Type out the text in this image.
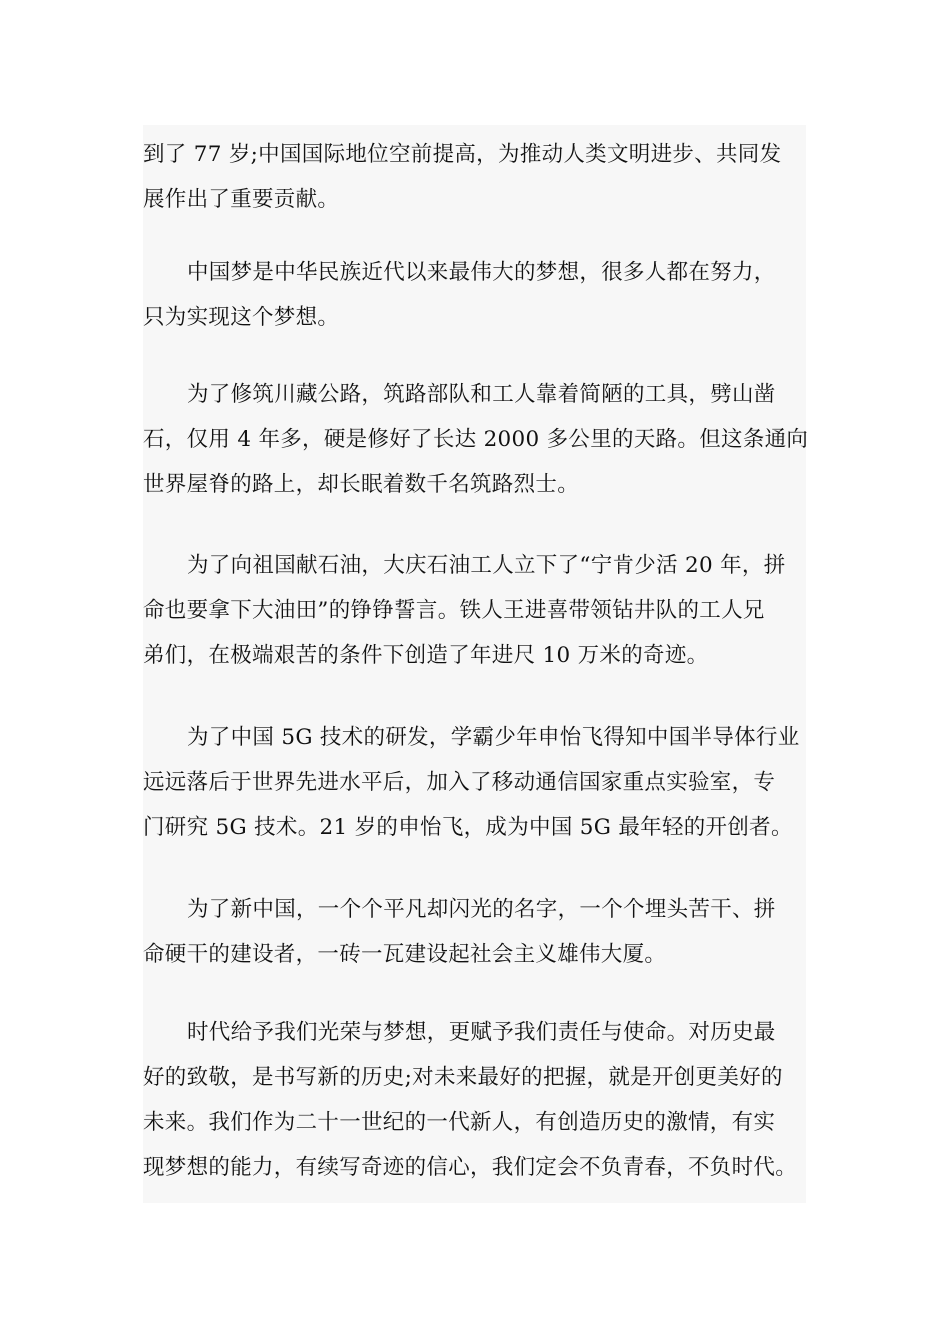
到了 77 岁;中国国际地位空前提高，为推动人类文明进步、共同发
展作出了重要贡献。

中国梦是中华民族近代以来最伟大的梦想，很多人都在努力，
只为实现这个梦想。

为了修筑川藏公路，筑路部队和工人靠着简陋的工具，劈山凿
石，仅用 4 年多，硬是修好了长达 2000 多公里的天路。但这条通向
世界屋脊的路上，却长眠着数千名筑路烈士。

为了向祖国献石油，大庆石油工人立下了“宁肯少活 20 年，拼
命也要拿下大油田”的铮铮誓言。铁人王进喜带领钻井队的工人兄
弟们，在极端艰苦的条件下创造了年进尺 10 万米的奇迹。

为了中国 5G 技术的研发，学霸少年申怡飞得知中国半导体行业
远远落后于世界先进水平后，加入了移动通信国家重点实验室，专
门研究 5G 技术。21 岁的申怡飞，成为中国 5G 最年轻的开创者。

为了新中国，一个个平凡却闪光的名字，一个个埋头苦干、拼
命硬干的建设者，一砖一瓦建设起社会主义雄伟大厦。

时代给予我们光荣与梦想，更赋予我们责任与使命。对历史最
好的致敬，是书写新的历史;对未来最好的把握，就是开创更美好的
未来。我们作为二十一世纪的一代新人，有创造历史的激情，有实
现梦想的能力，有续写奇迹的信心，我们定会不负青春，不负时代。
